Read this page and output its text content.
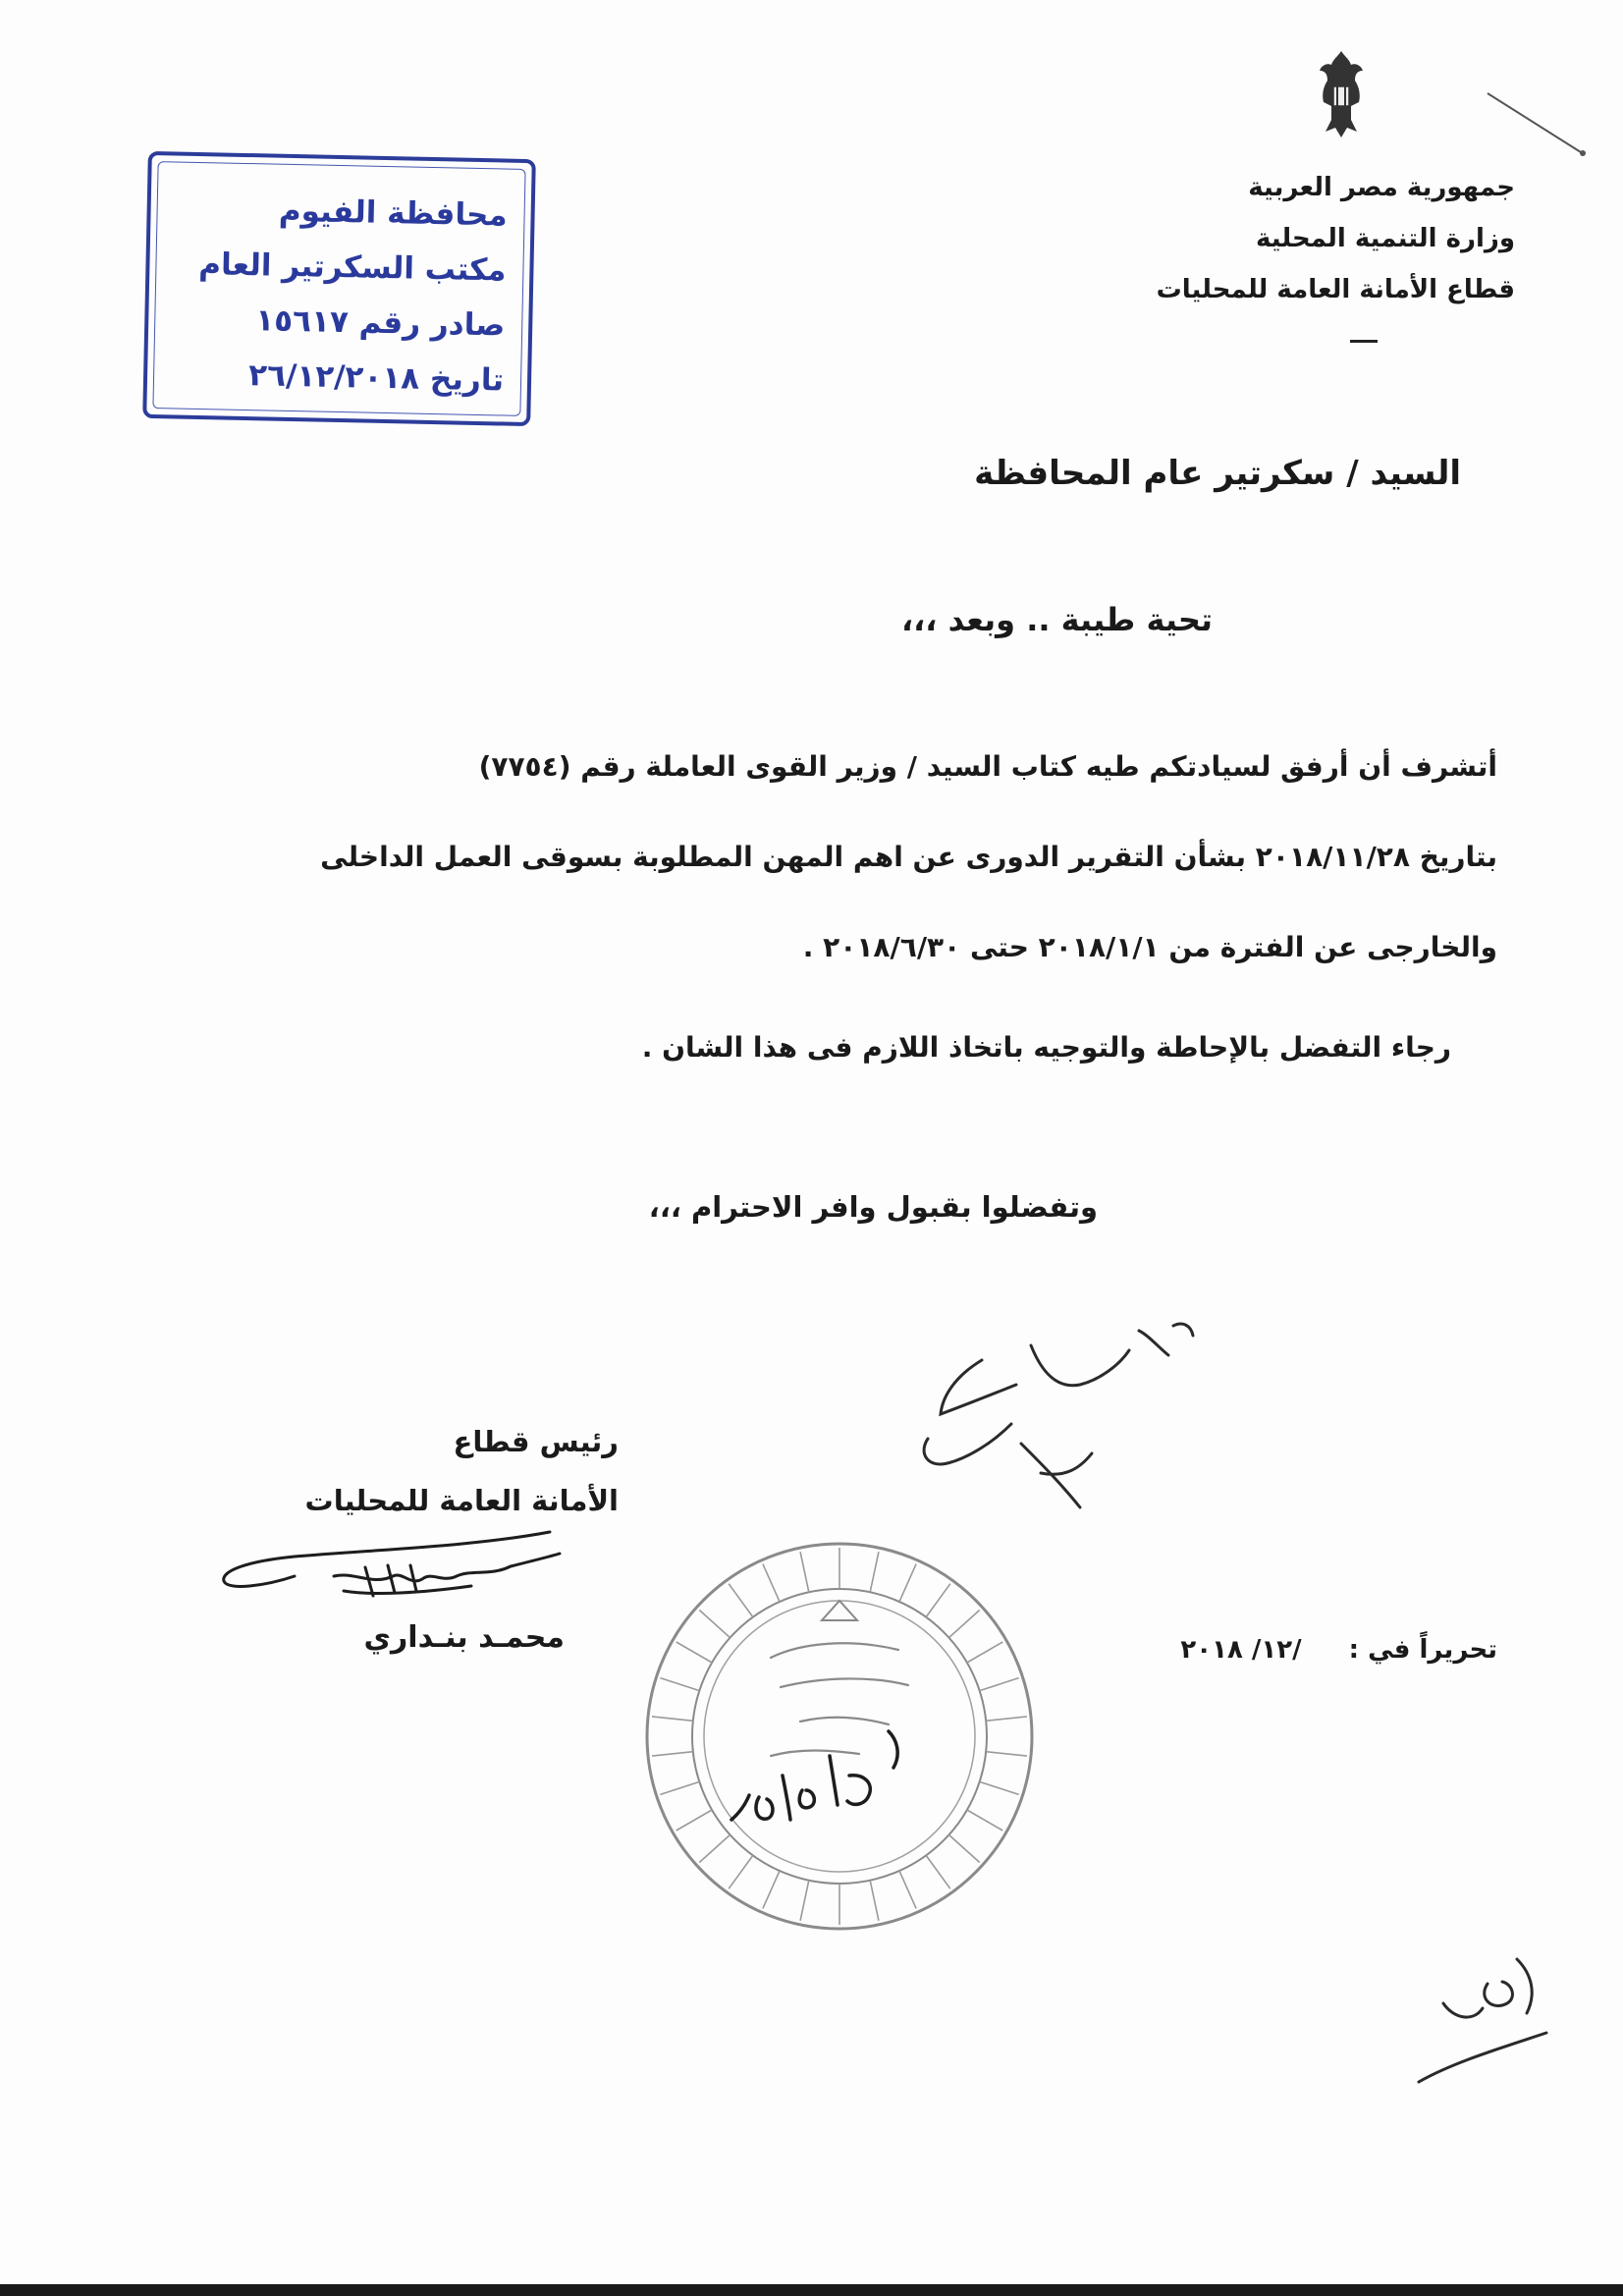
جمهورية مصر العربية
وزارة التنمية المحلية
قطاع الأمانة العامة للمحليات
محافظة الفيوم
مكتب السكرتير العام
صادر رقم ١٥٦١٧
تاريخ ٢٦/١٢/٢٠١٨
السيد / سكرتير عام المحافظة
تحية طيبة .. وبعد ،،،
أتشرف أن أرفق لسيادتكم طيه كتاب السيد / وزير القوى العاملة رقم (٧٧٥٤)
بتاريخ ٢٠١٨/١١/٢٨ بشأن التقرير الدورى عن اهم المهن المطلوبة بسوقى العمل الداخلى
والخارجى عن الفترة من ٢٠١٨/١/١ حتى ٢٠١٨/٦/٣٠ .
رجاء التفضل بالإحاطة والتوجيه باتخاذ اللازم فى هذا الشان .
وتفضلوا بقبول وافر الاحترام ،،،
رئيس قطاع
الأمانة العامة للمحليات
محمـد بنـداري	تحريراً في :/١٢/ ٢٠١٨
